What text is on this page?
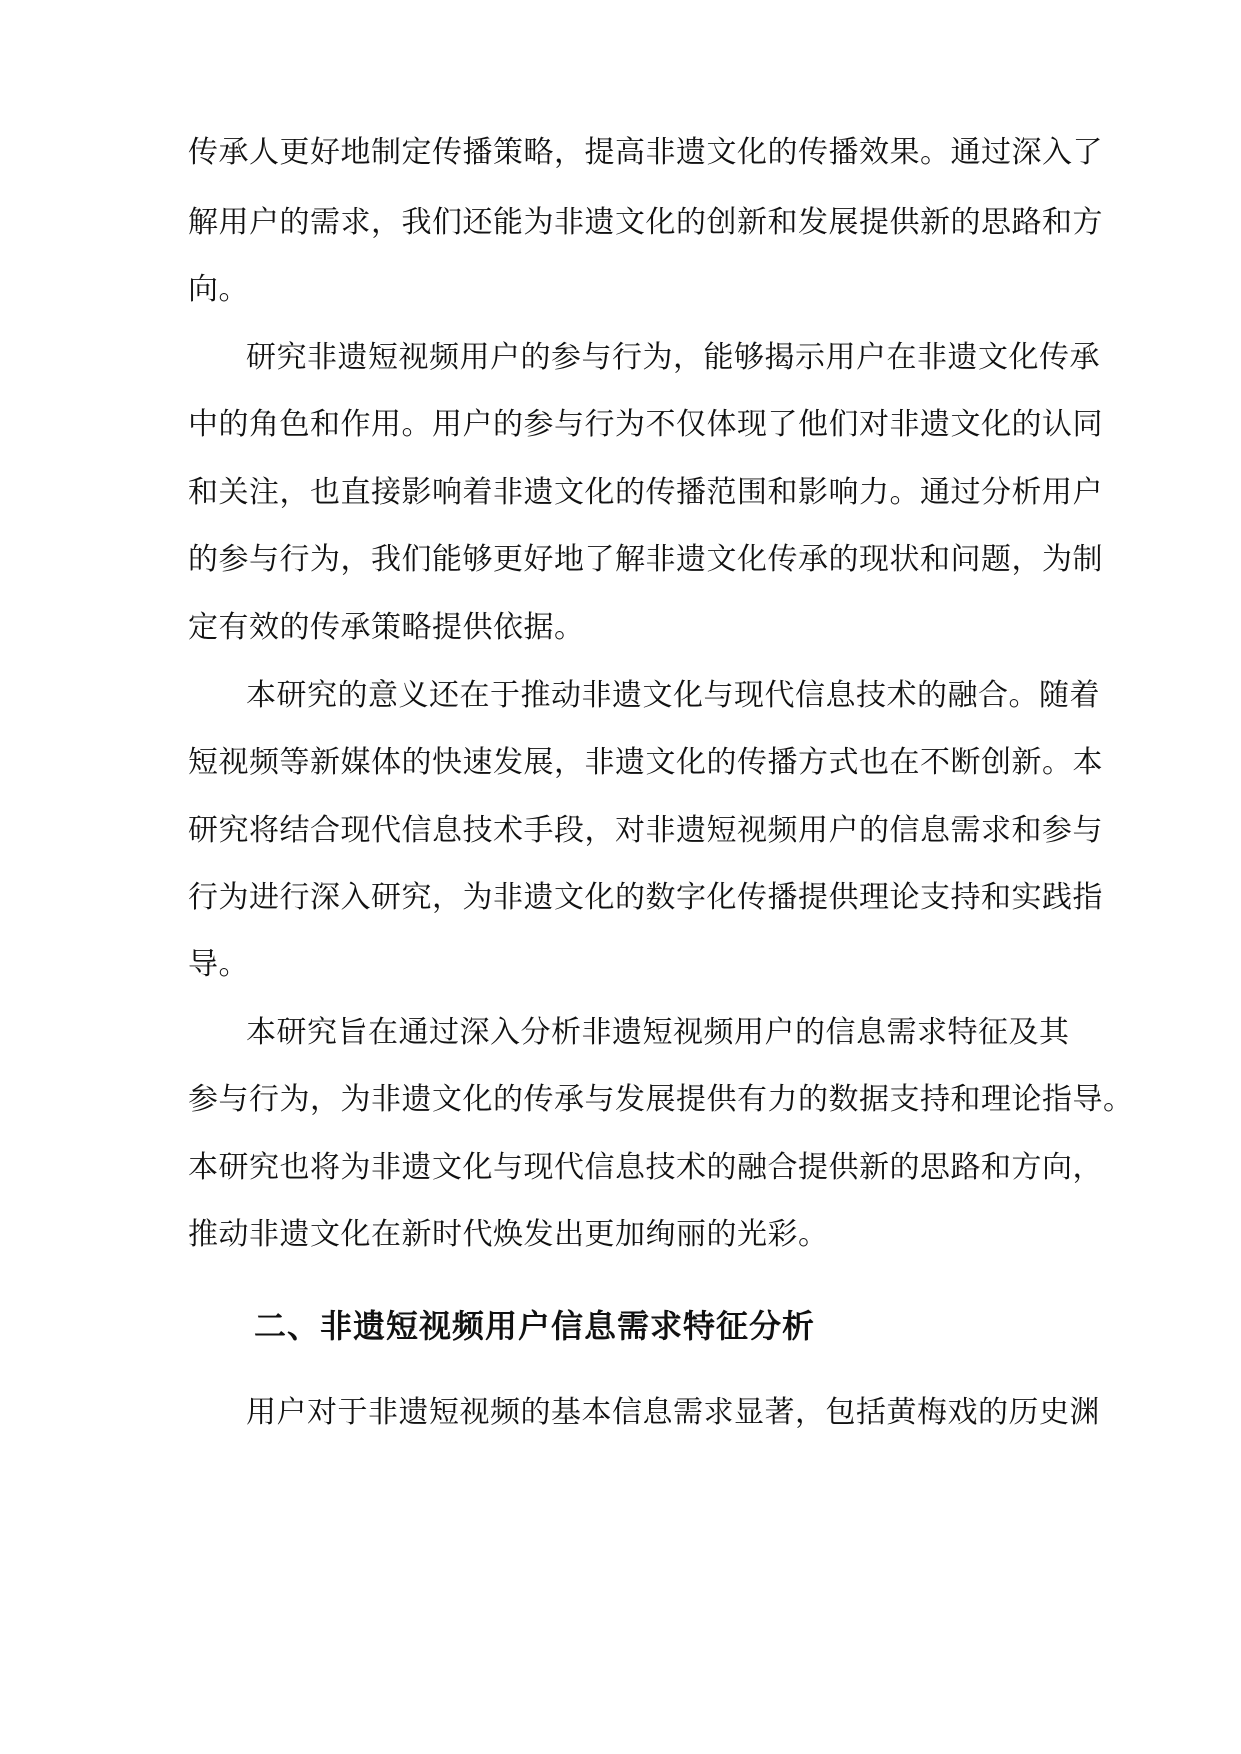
传承人更好地制定传播策略，提高非遗文化的传播效果。通过深入了
解用户的需求，我们还能为非遗文化的创新和发展提供新的思路和方
向。
研究非遗短视频用户的参与行为，能够揭示用户在非遗文化传承
中的角色和作用。用户的参与行为不仅体现了他们对非遗文化的认同
和关注，也直接影响着非遗文化的传播范围和影响力。通过分析用户
的参与行为，我们能够更好地了解非遗文化传承的现状和问题，为制
定有效的传承策略提供依据。
本研究的意义还在于推动非遗文化与现代信息技术的融合。随着
短视频等新媒体的快速发展，非遗文化的传播方式也在不断创新。本
研究将结合现代信息技术手段，对非遗短视频用户的信息需求和参与
行为进行深入研究，为非遗文化的数字化传播提供理论支持和实践指
导。
本研究旨在通过深入分析非遗短视频用户的信息需求特征及其
参与行为，为非遗文化的传承与发展提供有力的数据支持和理论指导。
本研究也将为非遗文化与现代信息技术的融合提供新的思路和方向，
推动非遗文化在新时代焕发出更加绚丽的光彩。
二、非遗短视频用户信息需求特征分析
用户对于非遗短视频的基本信息需求显著，包括黄梅戏的历史渊
